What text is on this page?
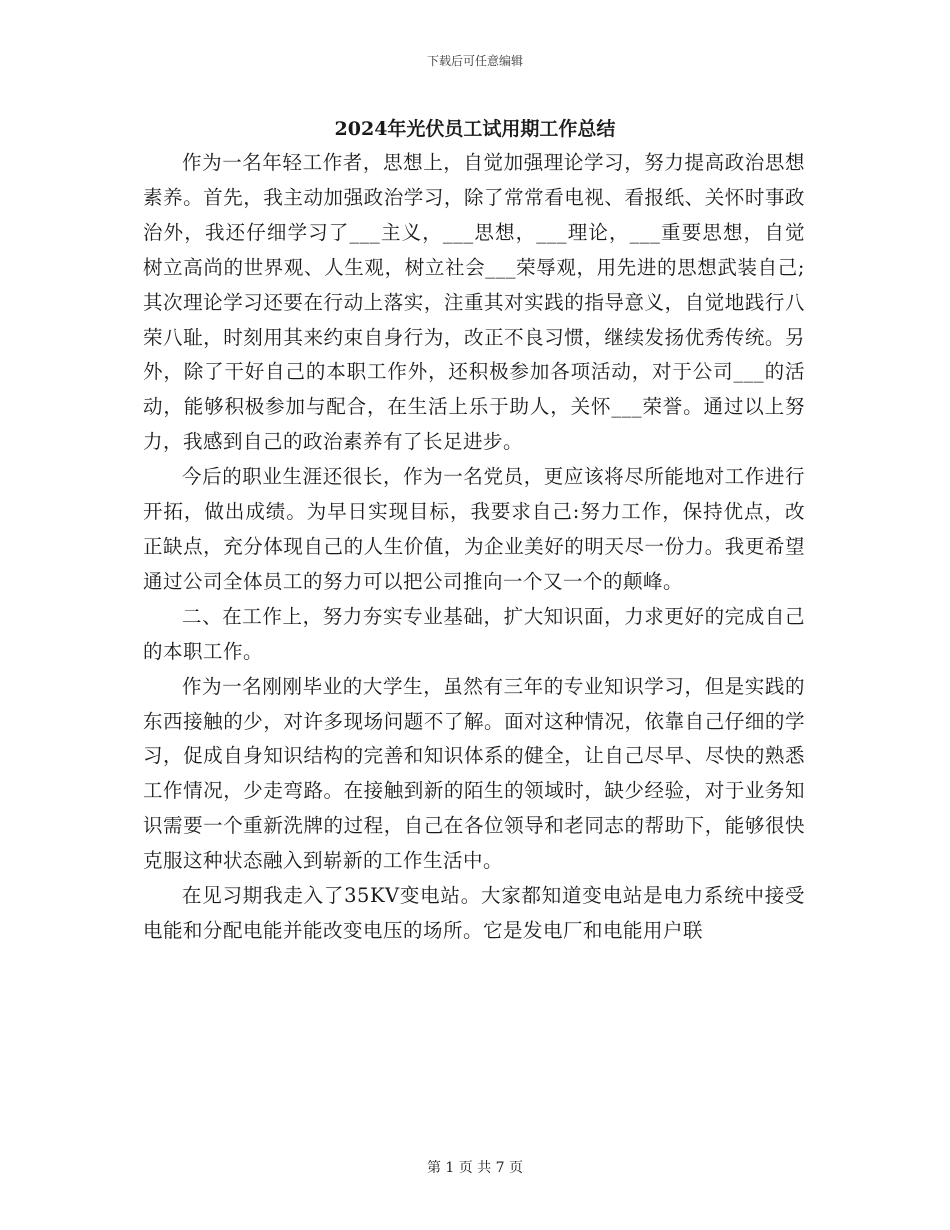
下载后可任意编辑
2024年光伏员工试用期工作总结

作为一名年轻工作者，思想上，自觉加强理论学习，努力提高政治思想素养。首先，我主动加强政治学习，除了常常看电视、看报纸、关怀时事政治外，我还仔细学习了___主义，___思想，___理论，___重要思想，自觉树立高尚的世界观、人生观，树立社会___荣辱观，用先进的思想武装自己;其次理论学习还要在行动上落实，注重其对实践的指导意义，自觉地践行八荣八耻，时刻用其来约束自身行为，改正不良习惯，继续发扬优秀传统。另外，除了干好自己的本职工作外，还积极参加各项活动，对于公司___的活动，能够积极参加与配合，在生活上乐于助人，关怀___荣誉。通过以上努力，我感到自己的政治素养有了长足进步。

今后的职业生涯还很长，作为一名党员，更应该将尽所能地对工作进行开拓，做出成绩。为早日实现目标，我要求自己:努力工作，保持优点，改正缺点，充分体现自己的人生价值，为企业美好的明天尽一份力。我更希望通过公司全体员工的努力可以把公司推向一个又一个的颠峰。

二、在工作上，努力夯实专业基础，扩大知识面，力求更好的完成自己的本职工作。

作为一名刚刚毕业的大学生，虽然有三年的专业知识学习，但是实践的东西接触的少，对许多现场问题不了解。面对这种情况，依靠自己仔细的学习，促成自身知识结构的完善和知识体系的健全，让自己尽早、尽快的熟悉工作情况，少走弯路。在接触到新的陌生的领域时，缺少经验，对于业务知识需要一个重新洗牌的过程，自己在各位领导和老同志的帮助下，能够很快克服这种状态融入到崭新的工作生活中。

在见习期我走入了35KV变电站。大家都知道变电站是电力系统中接受电能和分配电能并能改变电压的场所。它是发电厂和电能用户联

第 1 页 共 7 页
